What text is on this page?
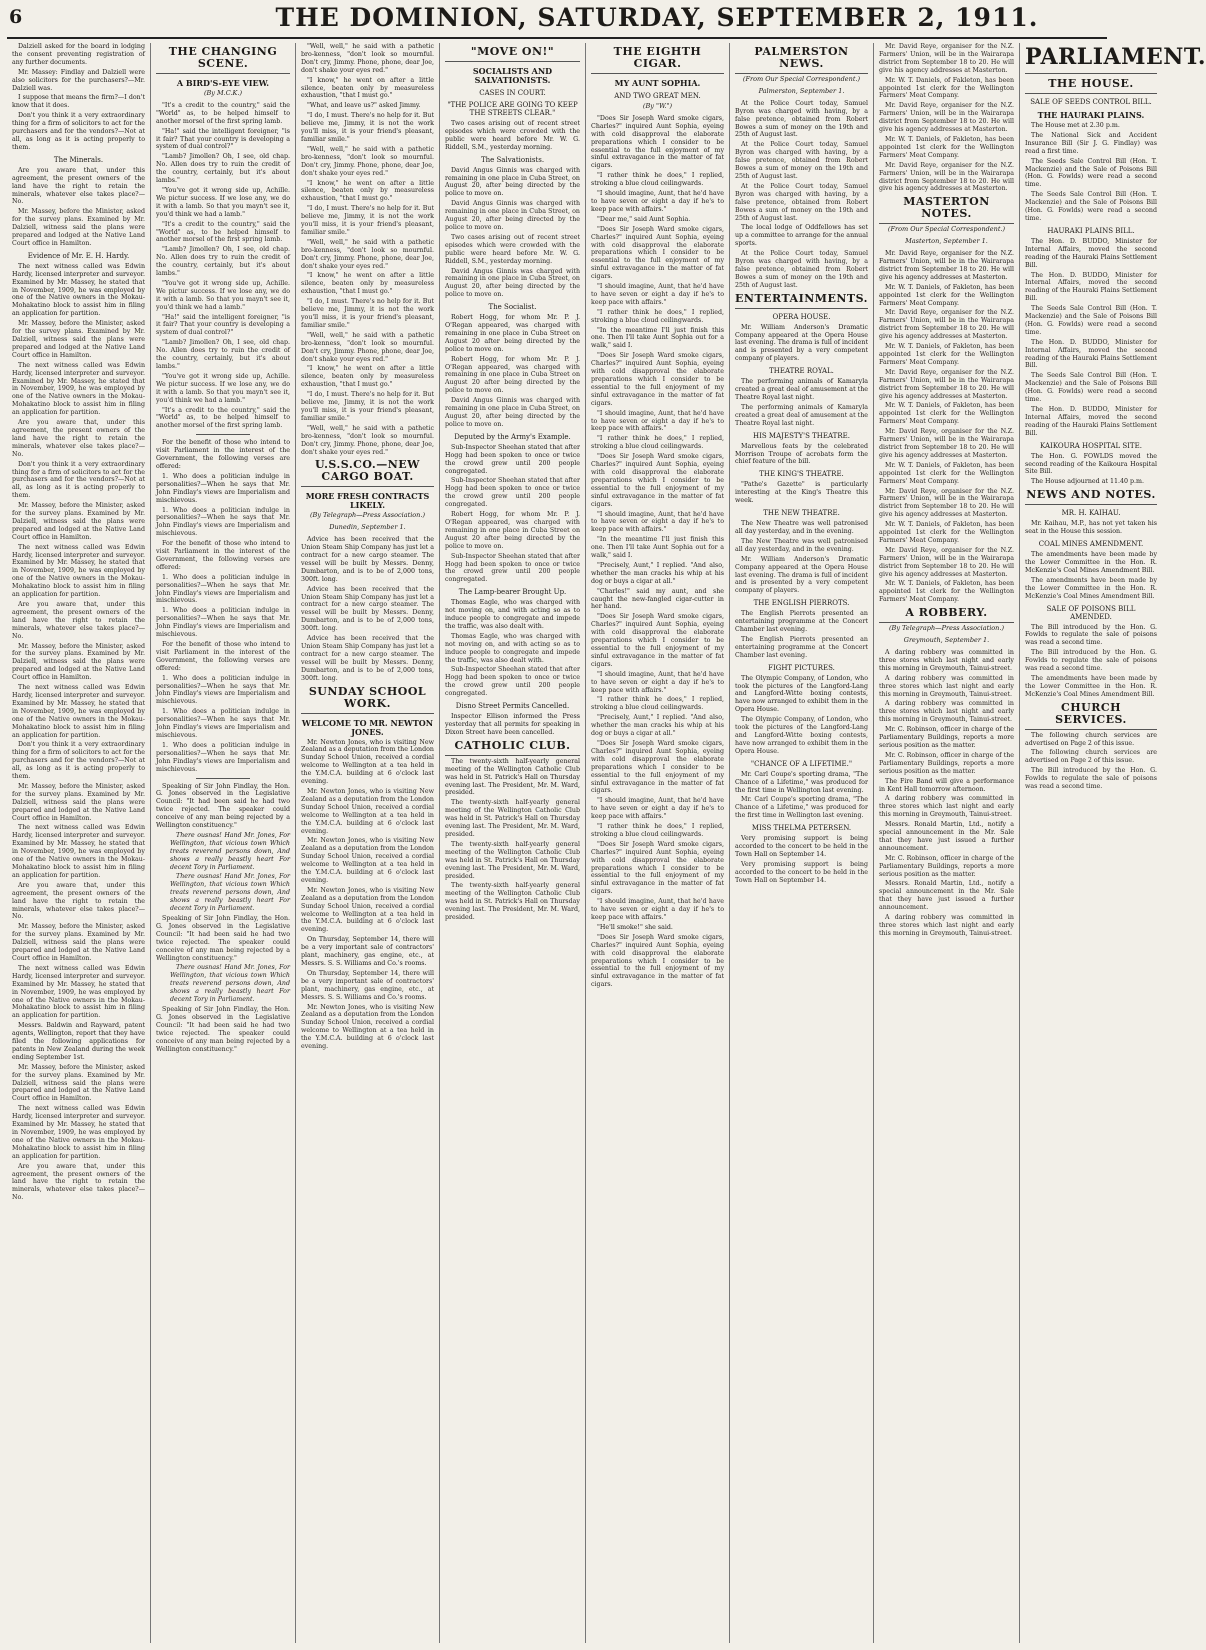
6	THE DOMINION, SATURDAY, SEPTEMBER 2, 1911.

Dalziell asked for the board in lodging the consent preventing registration of any further documents.

Mr. Massey: Findlay and Dalziell were also solicitors for the purchasers?—Mr. Dalziell was.

I suppose that means the firm?—I don't know that it does.

Don't you think it a very extraordinary thing for a firm of solicitors to act for the purchasers and for the vendors?—Not at all, as long as it is acting properly to them.

The Minerals.

Are you aware that, under this agreement, the present owners of the land have the right to retain the minerals, whatever else takes place?—No.

Mr. Massey, before the Minister, asked for the survey plans. Examined by Mr. Dalziell, witness said the plans were prepared and lodged at the Native Land Court office in Hamilton.

Evidence of Mr. E. H. Hardy.

The next witness called was Edwin Hardy, licensed interpreter and surveyor. Examined by Mr. Massey, he stated that in November, 1909, he was employed by one of the Native owners in the Mokau-Mohakatino block to assist him in filing an application for partition.

Mr. Massey, before the Minister, asked for the survey plans. Examined by Mr. Dalziell, witness said the plans were prepared and lodged at the Native Land Court office in Hamilton.

The next witness called was Edwin Hardy, licensed interpreter and surveyor. Examined by Mr. Massey, he stated that in November, 1909, he was employed by one of the Native owners in the Mokau-Mohakatino block to assist him in filing an application for partition.

Are you aware that, under this agreement, the present owners of the land have the right to retain the minerals, whatever else takes place?—No.

Don't you think it a very extraordinary thing for a firm of solicitors to act for the purchasers and for the vendors?—Not at all, as long as it is acting properly to them.

Mr. Massey, before the Minister, asked for the survey plans. Examined by Mr. Dalziell, witness said the plans were prepared and lodged at the Native Land Court office in Hamilton.

The next witness called was Edwin Hardy, licensed interpreter and surveyor. Examined by Mr. Massey, he stated that in November, 1909, he was employed by one of the Native owners in the Mokau-Mohakatino block to assist him in filing an application for partition.

Are you aware that, under this agreement, the present owners of the land have the right to retain the minerals, whatever else takes place?—No.

Mr. Massey, before the Minister, asked for the survey plans. Examined by Mr. Dalziell, witness said the plans were prepared and lodged at the Native Land Court office in Hamilton.

The next witness called was Edwin Hardy, licensed interpreter and surveyor. Examined by Mr. Massey, he stated that in November, 1909, he was employed by one of the Native owners in the Mokau-Mohakatino block to assist him in filing an application for partition.

Don't you think it a very extraordinary thing for a firm of solicitors to act for the purchasers and for the vendors?—Not at all, as long as it is acting properly to them.

Mr. Massey, before the Minister, asked for the survey plans. Examined by Mr. Dalziell, witness said the plans were prepared and lodged at the Native Land Court office in Hamilton.

The next witness called was Edwin Hardy, licensed interpreter and surveyor. Examined by Mr. Massey, he stated that in November, 1909, he was employed by one of the Native owners in the Mokau-Mohakatino block to assist him in filing an application for partition.

Are you aware that, under this agreement, the present owners of the land have the right to retain the minerals, whatever else takes place?—No.

Mr. Massey, before the Minister, asked for the survey plans. Examined by Mr. Dalziell, witness said the plans were prepared and lodged at the Native Land Court office in Hamilton.

The next witness called was Edwin Hardy, licensed interpreter and surveyor. Examined by Mr. Massey, he stated that in November, 1909, he was employed by one of the Native owners in the Mokau-Mohakatino block to assist him in filing an application for partition.

Messrs. Baldwin and Rayward, patent agents, Wellington, report that they have filed the following applications for patents in New Zealand during the week ending September 1st.

Mr. Massey, before the Minister, asked for the survey plans. Examined by Mr. Dalziell, witness said the plans were prepared and lodged at the Native Land Court office in Hamilton.

The next witness called was Edwin Hardy, licensed interpreter and surveyor. Examined by Mr. Massey, he stated that in November, 1909, he was employed by one of the Native owners in the Mokau-Mohakatino block to assist him in filing an application for partition.

Are you aware that, under this agreement, the present owners of the land have the right to retain the minerals, whatever else takes place?—No.

THE CHANGING SCENE.
A BIRD'S-EYE VIEW.
(By M.C.K.)

"It's a credit to the country," said the "World" as, to be helped himself to another morsel of the first spring lamb.

"Ha!" said the intelligent foreigner, "is it fair? That your country is developing a system of dual control?"

"Lamb? Jimollen? Oh, I see, old chap. No. Allen does try to ruin the credit of the country, certainly, but it's about lambs."

"You've got it wrong side up, Achille. We pictur success. If we lose any, we do it with a lamb. So that you mayn't see it, you'd think we had a lamb."

"It's a credit to the country," said the "World" as, to be helped himself to another morsel of the first spring lamb.

"Lamb? Jimollen? Oh, I see, old chap. No. Allen does try to ruin the credit of the country, certainly, but it's about lambs."

"You've got it wrong side up, Achille. We pictur success. If we lose any, we do it with a lamb. So that you mayn't see it, you'd think we had a lamb."

"Ha!" said the intelligent foreigner, "is it fair? That your country is developing a system of dual control?"

"Lamb? Jimollen? Oh, I see, old chap. No. Allen does try to ruin the credit of the country, certainly, but it's about lambs."

"You've got it wrong side up, Achille. We pictur success. If we lose any, we do it with a lamb. So that you mayn't see it, you'd think we had a lamb."

"It's a credit to the country," said the "World" as, to be helped himself to another morsel of the first spring lamb.

For the benefit of those who intend to visit Parliament in the interest of the Government, the following verses are offered:

1. Who does a politician indulge in personalities?—When he says that Mr. John Findlay's views are Imperialism and mischievous.

1. Who does a politician indulge in personalities?—When he says that Mr. John Findlay's views are Imperialism and mischievous.

For the benefit of those who intend to visit Parliament in the interest of the Government, the following verses are offered:

1. Who does a politician indulge in personalities?—When he says that Mr. John Findlay's views are Imperialism and mischievous.

1. Who does a politician indulge in personalities?—When he says that Mr. John Findlay's views are Imperialism and mischievous.

For the benefit of those who intend to visit Parliament in the interest of the Government, the following verses are offered:

1. Who does a politician indulge in personalities?—When he says that Mr. John Findlay's views are Imperialism and mischievous.

1. Who does a politician indulge in personalities?—When he says that Mr. John Findlay's views are Imperialism and mischievous.

1. Who does a politician indulge in personalities?—When he says that Mr. John Findlay's views are Imperialism and mischievous.

Speaking of Sir John Findlay, the Hon. G. Jones observed in the Legislative Council: "It had been said he had two twice rejected. The speaker could conceive of any man being rejected by a Wellington constituency."

There ousnas! Hand Mr. Jones, For Wellington, that vicious town Which treats reverend persons down, And shows a really beastly heart For decent Tory in Parliament.

There ousnas! Hand Mr. Jones, For Wellington, that vicious town Which treats reverend persons down, And shows a really beastly heart For decent Tory in Parliament.

Speaking of Sir John Findlay, the Hon. G. Jones observed in the Legislative Council: "It had been said he had two twice rejected. The speaker could conceive of any man being rejected by a Wellington constituency."

There ousnas! Hand Mr. Jones, For Wellington, that vicious town Which treats reverend persons down, And shows a really beastly heart For decent Tory in Parliament.

Speaking of Sir John Findlay, the Hon. G. Jones observed in the Legislative Council: "It had been said he had two twice rejected. The speaker could conceive of any man being rejected by a Wellington constituency."

"Well, well," he said with a pathetic bro-kenness, "don't look so mournful. Don't cry, Jimmy. Phone, phone, dear Joe, don't shake your eyes red."

"I know," he went on after a little silence, beaten only by measureless exhaustion, "that I must go."

"What, and leave us?" asked Jimmy.

"I do, I must. There's no help for it. But believe me, Jimmy, it is not the work you'll miss, it is your friend's pleasant, familiar smile."

"Well, well," he said with a pathetic bro-kenness, "don't look so mournful. Don't cry, Jimmy. Phone, phone, dear Joe, don't shake your eyes red."

"I know," he went on after a little silence, beaten only by measureless exhaustion, "that I must go."

"I do, I must. There's no help for it. But believe me, Jimmy, it is not the work you'll miss, it is your friend's pleasant, familiar smile."

"Well, well," he said with a pathetic bro-kenness, "don't look so mournful. Don't cry, Jimmy. Phone, phone, dear Joe, don't shake your eyes red."

"I know," he went on after a little silence, beaten only by measureless exhaustion, "that I must go."

"I do, I must. There's no help for it. But believe me, Jimmy, it is not the work you'll miss, it is your friend's pleasant, familiar smile."

"Well, well," he said with a pathetic bro-kenness, "don't look so mournful. Don't cry, Jimmy. Phone, phone, dear Joe, don't shake your eyes red."

"I know," he went on after a little silence, beaten only by measureless exhaustion, "that I must go."

"I do, I must. There's no help for it. But believe me, Jimmy, it is not the work you'll miss, it is your friend's pleasant, familiar smile."

"Well, well," he said with a pathetic bro-kenness, "don't look so mournful. Don't cry, Jimmy. Phone, phone, dear Joe, don't shake your eyes red."

U.S.S.CO.—NEW CARGO BOAT.
MORE FRESH CONTRACTS LIKELY.
(By Telegraph—Press Association.)
Dunedin, September 1.

Advice has been received that the Union Steam Ship Company has just let a contract for a new cargo steamer. The vessel will be built by Messrs. Denny, Dumbarton, and is to be of 2,000 tons, 300ft. long.

Advice has been received that the Union Steam Ship Company has just let a contract for a new cargo steamer. The vessel will be built by Messrs. Denny, Dumbarton, and is to be of 2,000 tons, 300ft. long.

Advice has been received that the Union Steam Ship Company has just let a contract for a new cargo steamer. The vessel will be built by Messrs. Denny, Dumbarton, and is to be of 2,000 tons, 300ft. long.

SUNDAY SCHOOL WORK.
WELCOME TO MR. NEWTON JONES.

Mr. Newton Jones, who is visiting New Zealand as a deputation from the London Sunday School Union, received a cordial welcome to Wellington at a tea held in the Y.M.C.A. building at 6 o'clock last evening.

Mr. Newton Jones, who is visiting New Zealand as a deputation from the London Sunday School Union, received a cordial welcome to Wellington at a tea held in the Y.M.C.A. building at 6 o'clock last evening.

Mr. Newton Jones, who is visiting New Zealand as a deputation from the London Sunday School Union, received a cordial welcome to Wellington at a tea held in the Y.M.C.A. building at 6 o'clock last evening.

Mr. Newton Jones, who is visiting New Zealand as a deputation from the London Sunday School Union, received a cordial welcome to Wellington at a tea held in the Y.M.C.A. building at 6 o'clock last evening.

On Thursday, September 14, there will be a very important sale of contractors' plant, machinery, gas engine, etc., at Messrs. S. S. Williams and Co.'s rooms.

On Thursday, September 14, there will be a very important sale of contractors' plant, machinery, gas engine, etc., at Messrs. S. S. Williams and Co.'s rooms.

Mr. Newton Jones, who is visiting New Zealand as a deputation from the London Sunday School Union, received a cordial welcome to Wellington at a tea held in the Y.M.C.A. building at 6 o'clock last evening.

"MOVE ON!"
SOCIALISTS AND SALVATIONISTS.
CASES IN COURT.
"THE POLICE ARE GOING TO KEEP THE STREETS CLEAR."

Two cases arising out of recent street episodes which were crowded with the public were heard before Mr. W. G. Riddell, S.M., yesterday morning.

The Salvationists.

David Angus Ginnis was charged with remaining in one place in Cuba Street, on August 20, after being directed by the police to move on.

David Angus Ginnis was charged with remaining in one place in Cuba Street, on August 20, after being directed by the police to move on.

Two cases arising out of recent street episodes which were crowded with the public were heard before Mr. W. G. Riddell, S.M., yesterday morning.

David Angus Ginnis was charged with remaining in one place in Cuba Street, on August 20, after being directed by the police to move on.

The Socialist.

Robert Hogg, for whom Mr. P. J. O'Regan appeared, was charged with remaining in one place in Cuba Street on August 20 after being directed by the police to move on.

Robert Hogg, for whom Mr. P. J. O'Regan appeared, was charged with remaining in one place in Cuba Street on August 20 after being directed by the police to move on.

David Angus Ginnis was charged with remaining in one place in Cuba Street, on August 20, after being directed by the police to move on.

Deputed by the Army's Example.

Sub-Inspector Sheehan stated that after Hogg had been spoken to once or twice the crowd grew until 200 people congregated.

Sub-Inspector Sheehan stated that after Hogg had been spoken to once or twice the crowd grew until 200 people congregated.

Robert Hogg, for whom Mr. P. J. O'Regan appeared, was charged with remaining in one place in Cuba Street on August 20 after being directed by the police to move on.

Sub-Inspector Sheehan stated that after Hogg had been spoken to once or twice the crowd grew until 200 people congregated.

The Lamp-bearer Brought Up.

Thomas Eagle, who was charged with not moving on, and with acting so as to induce people to congregate and impede the traffic, was also dealt with.

Thomas Eagle, who was charged with not moving on, and with acting so as to induce people to congregate and impede the traffic, was also dealt with.

Sub-Inspector Sheehan stated that after Hogg had been spoken to once or twice the crowd grew until 200 people congregated.

Disno Street Permits Cancelled.

Inspector Ellison informed the Press yesterday that all permits for speaking in Dixon Street have been cancelled.

CATHOLIC CLUB.

The twenty-sixth half-yearly general meeting of the Wellington Catholic Club was held in St. Patrick's Hall on Thursday evening last. The President, Mr. M. Ward, presided.

The twenty-sixth half-yearly general meeting of the Wellington Catholic Club was held in St. Patrick's Hall on Thursday evening last. The President, Mr. M. Ward, presided.

The twenty-sixth half-yearly general meeting of the Wellington Catholic Club was held in St. Patrick's Hall on Thursday evening last. The President, Mr. M. Ward, presided.

The twenty-sixth half-yearly general meeting of the Wellington Catholic Club was held in St. Patrick's Hall on Thursday evening last. The President, Mr. M. Ward, presided.

THE EIGHTH CIGAR.
MY AUNT SOPHIA.
AND TWO GREAT MEN.
(By "W.")

"Does Sir Joseph Ward smoke cigars, Charles?" inquired Aunt Sophia, eyeing with cold disapproval the elaborate preparations which I consider to be essential to the full enjoyment of my sinful extravagance in the matter of fat cigars.

"I rather think he does," I replied, stroking a blue cloud ceilingwards.

"I should imagine, Aunt, that he'd have to have seven or eight a day if he's to keep pace with affairs."

"Dear me," said Aunt Sophia.

"Does Sir Joseph Ward smoke cigars, Charles?" inquired Aunt Sophia, eyeing with cold disapproval the elaborate preparations which I consider to be essential to the full enjoyment of my sinful extravagance in the matter of fat cigars.

"I should imagine, Aunt, that he'd have to have seven or eight a day if he's to keep pace with affairs."

"I rather think he does," I replied, stroking a blue cloud ceilingwards.

"In the meantime I'll just finish this one. Then I'll take Aunt Sophia out for a walk," said I.

"Does Sir Joseph Ward smoke cigars, Charles?" inquired Aunt Sophia, eyeing with cold disapproval the elaborate preparations which I consider to be essential to the full enjoyment of my sinful extravagance in the matter of fat cigars.

"I should imagine, Aunt, that he'd have to have seven or eight a day if he's to keep pace with affairs."

"I rather think he does," I replied, stroking a blue cloud ceilingwards.

"Does Sir Joseph Ward smoke cigars, Charles?" inquired Aunt Sophia, eyeing with cold disapproval the elaborate preparations which I consider to be essential to the full enjoyment of my sinful extravagance in the matter of fat cigars.

"I should imagine, Aunt, that he'd have to have seven or eight a day if he's to keep pace with affairs."

"In the meantime I'll just finish this one. Then I'll take Aunt Sophia out for a walk," said I.

"Precisely, Aunt," I replied. "And also, whether the man cracks his whip at his dog or buys a cigar at all."

"Charles!" said my aunt, and she caught the new-fangled cigar-cutter in her hand.

"Does Sir Joseph Ward smoke cigars, Charles?" inquired Aunt Sophia, eyeing with cold disapproval the elaborate preparations which I consider to be essential to the full enjoyment of my sinful extravagance in the matter of fat cigars.

"I should imagine, Aunt, that he'd have to have seven or eight a day if he's to keep pace with affairs."

"I rather think he does," I replied, stroking a blue cloud ceilingwards.

"Precisely, Aunt," I replied. "And also, whether the man cracks his whip at his dog or buys a cigar at all."

"Does Sir Joseph Ward smoke cigars, Charles?" inquired Aunt Sophia, eyeing with cold disapproval the elaborate preparations which I consider to be essential to the full enjoyment of my sinful extravagance in the matter of fat cigars.

"I should imagine, Aunt, that he'd have to have seven or eight a day if he's to keep pace with affairs."

"I rather think he does," I replied, stroking a blue cloud ceilingwards.

"Does Sir Joseph Ward smoke cigars, Charles?" inquired Aunt Sophia, eyeing with cold disapproval the elaborate preparations which I consider to be essential to the full enjoyment of my sinful extravagance in the matter of fat cigars.

"I should imagine, Aunt, that he'd have to have seven or eight a day if he's to keep pace with affairs."

"He'll smoke!" she said.

"Does Sir Joseph Ward smoke cigars, Charles?" inquired Aunt Sophia, eyeing with cold disapproval the elaborate preparations which I consider to be essential to the full enjoyment of my sinful extravagance in the matter of fat cigars.

PALMERSTON NEWS.
(From Our Special Correspondent.)
Palmerston, September 1.

At the Police Court today, Samuel Byron was charged with having, by a false pretence, obtained from Robert Bowes a sum of money on the 19th and 25th of August last.

At the Police Court today, Samuel Byron was charged with having, by a false pretence, obtained from Robert Bowes a sum of money on the 19th and 25th of August last.

At the Police Court today, Samuel Byron was charged with having, by a false pretence, obtained from Robert Bowes a sum of money on the 19th and 25th of August last.

The local lodge of Oddfellows has set up a committee to arrange for the annual sports.

At the Police Court today, Samuel Byron was charged with having, by a false pretence, obtained from Robert Bowes a sum of money on the 19th and 25th of August last.

ENTERTAINMENTS.
OPERA HOUSE.

Mr. William Anderson's Dramatic Company appeared at the Opera House last evening. The drama is full of incident and is presented by a very competent company of players.

THEATRE ROYAL.

The performing animals of Kamaryla created a great deal of amusement at the Theatre Royal last night.

The performing animals of Kamaryla created a great deal of amusement at the Theatre Royal last night.

HIS MAJESTY'S THEATRE.

Marvellous feats by the celebrated Morrison Troupe of acrobats form the chief feature of the bill.

THE KING'S THEATRE.

"Pathe's Gazette" is particularly interesting at the King's Theatre this week.

THE NEW THEATRE.

The New Theatre was well patronised all day yesterday, and in the evening.

The New Theatre was well patronised all day yesterday, and in the evening.

Mr. William Anderson's Dramatic Company appeared at the Opera House last evening. The drama is full of incident and is presented by a very competent company of players.

THE ENGLISH PIERROTS.

The English Pierrots presented an entertaining programme at the Concert Chamber last evening.

The English Pierrots presented an entertaining programme at the Concert Chamber last evening.

FIGHT PICTURES.

The Olympic Company, of London, who took the pictures of the Langford-Lang and Langford-Witte boxing contests, have now arranged to exhibit them in the Opera House.

The Olympic Company, of London, who took the pictures of the Langford-Lang and Langford-Witte boxing contests, have now arranged to exhibit them in the Opera House.

"CHANCE OF A LIFETIME."

Mr. Carl Coupe's sporting drama, "The Chance of a Lifetime," was produced for the first time in Wellington last evening.

Mr. Carl Coupe's sporting drama, "The Chance of a Lifetime," was produced for the first time in Wellington last evening.

MISS THELMA PETERSEN.

Very promising support is being accorded to the concert to be held in the Town Hall on September 14.

Very promising support is being accorded to the concert to be held in the Town Hall on September 14.

Mr. David Reye, organiser for the N.Z. Farmers' Union, will be in the Wairarapa district from September 18 to 20. He will give his agency addresses at Masterton.

Mr. W. T. Daniels, of Fakleton, has been appointed 1st clerk for the Wellington Farmers' Meat Company.

Mr. David Reye, organiser for the N.Z. Farmers' Union, will be in the Wairarapa district from September 18 to 20. He will give his agency addresses at Masterton.

Mr. W. T. Daniels, of Fakleton, has been appointed 1st clerk for the Wellington Farmers' Meat Company.

Mr. David Reye, organiser for the N.Z. Farmers' Union, will be in the Wairarapa district from September 18 to 20. He will give his agency addresses at Masterton.

MASTERTON NOTES.
(From Our Special Correspondent.)
Masterton, September 1.

Mr. David Reye, organiser for the N.Z. Farmers' Union, will be in the Wairarapa district from September 18 to 20. He will give his agency addresses at Masterton.

Mr. W. T. Daniels, of Fakleton, has been appointed 1st clerk for the Wellington Farmers' Meat Company.

Mr. David Reye, organiser for the N.Z. Farmers' Union, will be in the Wairarapa district from September 18 to 20. He will give his agency addresses at Masterton.

Mr. W. T. Daniels, of Fakleton, has been appointed 1st clerk for the Wellington Farmers' Meat Company.

Mr. David Reye, organiser for the N.Z. Farmers' Union, will be in the Wairarapa district from September 18 to 20. He will give his agency addresses at Masterton.

Mr. W. T. Daniels, of Fakleton, has been appointed 1st clerk for the Wellington Farmers' Meat Company.

Mr. David Reye, organiser for the N.Z. Farmers' Union, will be in the Wairarapa district from September 18 to 20. He will give his agency addresses at Masterton.

Mr. W. T. Daniels, of Fakleton, has been appointed 1st clerk for the Wellington Farmers' Meat Company.

Mr. David Reye, organiser for the N.Z. Farmers' Union, will be in the Wairarapa district from September 18 to 20. He will give his agency addresses at Masterton.

Mr. W. T. Daniels, of Fakleton, has been appointed 1st clerk for the Wellington Farmers' Meat Company.

Mr. David Reye, organiser for the N.Z. Farmers' Union, will be in the Wairarapa district from September 18 to 20. He will give his agency addresses at Masterton.

Mr. W. T. Daniels, of Fakleton, has been appointed 1st clerk for the Wellington Farmers' Meat Company.

A ROBBERY.
(By Telegraph—Press Association.)
Greymouth, September 1.

A daring robbery was committed in three stores which last night and early this morning in Greymouth, Tainui-street.

A daring robbery was committed in three stores which last night and early this morning in Greymouth, Tainui-street.

A daring robbery was committed in three stores which last night and early this morning in Greymouth, Tainui-street.

Mr. C. Robinson, officer in charge of the Parliamentary Buildings, reports a more serious position as the matter.

Mr. C. Robinson, officer in charge of the Parliamentary Buildings, reports a more serious position as the matter.

The Fire Band will give a performance in Kent Hall tomorrow afternoon.

A daring robbery was committed in three stores which last night and early this morning in Greymouth, Tainui-street.

Messrs. Ronald Martin, Ltd., notify a special announcement in the Mr. Sale that they have just issued a further announcement.

Mr. C. Robinson, officer in charge of the Parliamentary Buildings, reports a more serious position as the matter.

Messrs. Ronald Martin, Ltd., notify a special announcement in the Mr. Sale that they have just issued a further announcement.

A daring robbery was committed in three stores which last night and early this morning in Greymouth, Tainui-street.

PARLIAMENT.
THE HOUSE.
SALE OF SEEDS CONTROL BILL.
THE HAURAKI PLAINS.

The House met at 2.30 p.m.

The National Sick and Accident Insurance Bill (Sir J. G. Findlay) was read a first time.

The Seeds Sale Control Bill (Hon. T. Mackenzie) and the Sale of Poisons Bill (Hon. G. Fowlds) were read a second time.

The Seeds Sale Control Bill (Hon. T. Mackenzie) and the Sale of Poisons Bill (Hon. G. Fowlds) were read a second time.

HAURAKI PLAINS BILL.

The Hon. D. BUDDO, Minister for Internal Affairs, moved the second reading of the Hauraki Plains Settlement Bill.

The Hon. D. BUDDO, Minister for Internal Affairs, moved the second reading of the Hauraki Plains Settlement Bill.

The Seeds Sale Control Bill (Hon. T. Mackenzie) and the Sale of Poisons Bill (Hon. G. Fowlds) were read a second time.

The Hon. D. BUDDO, Minister for Internal Affairs, moved the second reading of the Hauraki Plains Settlement Bill.

The Seeds Sale Control Bill (Hon. T. Mackenzie) and the Sale of Poisons Bill (Hon. G. Fowlds) were read a second time.

The Hon. D. BUDDO, Minister for Internal Affairs, moved the second reading of the Hauraki Plains Settlement Bill.

KAIKOURA HOSPITAL SITE.

The Hon. G. FOWLDS moved the second reading of the Kaikoura Hospital Site Bill.

The House adjourned at 11.40 p.m.

NEWS AND NOTES.
MR. H. KAIHAU.

Mr. Kaihau, M.P., has not yet taken his seat in the House this session.

COAL MINES AMENDMENT.

The amendments have been made by the Lower Committee in the Hon. R. McKenzie's Coal Mines Amendment Bill.

The amendments have been made by the Lower Committee in the Hon. R. McKenzie's Coal Mines Amendment Bill.

SALE OF POISONS BILL AMENDED.

The Bill introduced by the Hon. G. Fowlds to regulate the sale of poisons was read a second time.

The Bill introduced by the Hon. G. Fowlds to regulate the sale of poisons was read a second time.

The amendments have been made by the Lower Committee in the Hon. R. McKenzie's Coal Mines Amendment Bill.

CHURCH SERVICES.

The following church services are advertised on Page 2 of this issue.

The following church services are advertised on Page 2 of this issue.

The Bill introduced by the Hon. G. Fowlds to regulate the sale of poisons was read a second time.
